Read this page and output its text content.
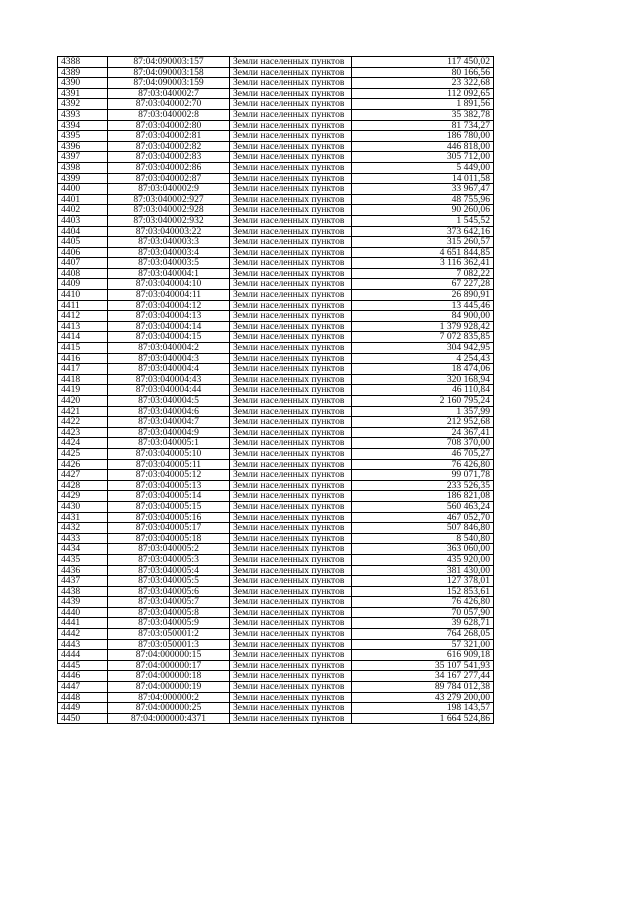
4388	87:04:090003:157	Земли населенных пунктов	117 450,02
4389	87:04:090003:158	Земли населенных пунктов	80 166,56
4390	87:04:090003:159	Земли населенных пунктов	23 322,68
4391	87:03:040002:7	Земли населенных пунктов	112 092,65
4392	87:03:040002:70	Земли населенных пунктов	1 891,56
4393	87:03:040002:8	Земли населенных пунктов	35 382,78
4394	87:03:040002:80	Земли населенных пунктов	81 734,27
4395	87:03:040002:81	Земли населенных пунктов	186 780,00
4396	87:03:040002:82	Земли населенных пунктов	446 818,00
4397	87:03:040002:83	Земли населенных пунктов	305 712,00
4398	87:03:040002:86	Земли населенных пунктов	5 449,00
4399	87:03:040002:87	Земли населенных пунктов	14 011,58
4400	87:03:040002:9	Земли населенных пунктов	33 967,47
4401	87:03:040002:927	Земли населенных пунктов	48 755,96
4402	87:03:040002:928	Земли населенных пунктов	90 260,06
4403	87:03:040002:932	Земли населенных пунктов	1 545,52
4404	87:03:040003:22	Земли населенных пунктов	373 642,16
4405	87:03:040003:3	Земли населенных пунктов	315 260,57
4406	87:03:040003:4	Земли населенных пунктов	4 651 844,85
4407	87:03:040003:5	Земли населенных пунктов	3 116 362,41
4408	87:03:040004:1	Земли населенных пунктов	7 082,22
4409	87:03:040004:10	Земли населенных пунктов	67 227,28
4410	87:03:040004:11	Земли населенных пунктов	26 890,91
4411	87:03:040004:12	Земли населенных пунктов	13 445,46
4412	87:03:040004:13	Земли населенных пунктов	84 900,00
4413	87:03:040004:14	Земли населенных пунктов	1 379 928,42
4414	87:03:040004:15	Земли населенных пунктов	7 072 835,85
4415	87:03:040004:2	Земли населенных пунктов	304 942,95
4416	87:03:040004:3	Земли населенных пунктов	4 254,43
4417	87:03:040004:4	Земли населенных пунктов	18 474,06
4418	87:03:040004:43	Земли населенных пунктов	320 168,94
4419	87:03:040004:44	Земли населенных пунктов	46 110,84
4420	87:03:040004:5	Земли населенных пунктов	2 160 795,24
4421	87:03:040004:6	Земли населенных пунктов	1 357,99
4422	87:03:040004:7	Земли населенных пунктов	212 952,68
4423	87:03:040004:9	Земли населенных пунктов	24 367,41
4424	87:03:040005:1	Земли населенных пунктов	708 370,00
4425	87:03:040005:10	Земли населенных пунктов	46 705,27
4426	87:03:040005:11	Земли населенных пунктов	76 426,80
4427	87:03:040005:12	Земли населенных пунктов	99 071,78
4428	87:03:040005:13	Земли населенных пунктов	233 526,35
4429	87:03:040005:14	Земли населенных пунктов	186 821,08
4430	87:03:040005:15	Земли населенных пунктов	560 463,24
4431	87:03:040005:16	Земли населенных пунктов	467 052,70
4432	87:03:040005:17	Земли населенных пунктов	507 846,80
4433	87:03:040005:18	Земли населенных пунктов	8 540,80
4434	87:03:040005:2	Земли населенных пунктов	363 060,00
4435	87:03:040005:3	Земли населенных пунктов	435 920,00
4436	87:03:040005:4	Земли населенных пунктов	381 430,00
4437	87:03:040005:5	Земли населенных пунктов	127 378,01
4438	87:03:040005:6	Земли населенных пунктов	152 853,61
4439	87:03:040005:7	Земли населенных пунктов	76 426,80
4440	87:03:040005:8	Земли населенных пунктов	70 057,90
4441	87:03:040005:9	Земли населенных пунктов	39 628,71
4442	87:03:050001:2	Земли населенных пунктов	764 268,05
4443	87:03:050001:3	Земли населенных пунктов	57 321,00
4444	87:04:000000:15	Земли населенных пунктов	616 909,18
4445	87:04:000000:17	Земли населенных пунктов	35 107 541,93
4446	87:04:000000:18	Земли населенных пунктов	34 167 277,44
4447	87:04:000000:19	Земли населенных пунктов	89 784 012,38
4448	87:04:000000:2	Земли населенных пунктов	43 279 200,00
4449	87:04:000000:25	Земли населенных пунктов	198 143,57
4450	87:04:000000:4371	Земли населенных пунктов	1 664 524,86
